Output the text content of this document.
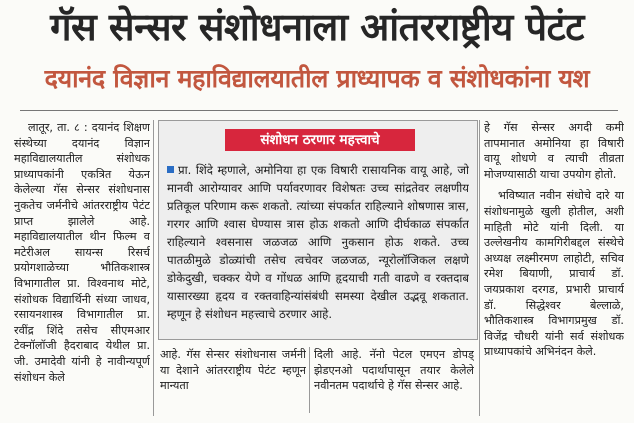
गॅस सेन्सर संशोधनाला आंतरराष्ट्रीय पेटंट
दयानंद विज्ञान महाविद्यालयातील प्राध्यापक व संशोधकांना यश

लातूर, ता. ८ : दयानंद शिक्षण संस्थेच्या दयानंद विज्ञान महाविद्यालयातील संशोधक प्राध्यापकांनी एकत्रित येऊन केलेल्या गॅस सेन्सर संशोधनास नुकतेच जर्मनीचे आंतरराष्ट्रीय पेटंट प्राप्त झालेले आहे. महाविद्यालयातील थीन फिल्म व मटेरीअल सायन्स रिसर्च प्रयोगशाळेच्या भौतिकशास्त्र विभागातील प्रा. विश्वनाथ मोटे, संशोधक विद्यार्थिनी संध्या जाधव, रसायनशास्त्र विभागातील प्रा. रवींद्र शिंदे तसेच सीएमआर टेक्नॉलॉजी हैदराबाद येथील प्रा. जी. उमादेवी यांनी हे नावीन्यपूर्ण संशोधन केले

संशोधन ठरणार महत्त्वाचे
प्रा. शिंदे म्हणाले, अमोनिया हा एक विषारी रासायनिक वायू आहे, जो मानवी आरोग्यावर आणि पर्यावरणावर विशेषतः उच्च सांद्रतेवर लक्षणीय प्रतिकूल परिणाम करू शकतो. त्यांच्या संपर्कात राहिल्याने शोषणास त्रास, गरगर आणि श्वास घेण्यास त्रास होऊ शकतो आणि दीर्घकाळ संपर्कात राहिल्याने श्वसनास जळजळ आणि नुकसान होऊ शकते. उच्च पातळीमुळे डोळ्यांची तसेच त्वचेवर जळजळ, न्यूरोलॉजिकल लक्षणे डोकेदुखी, चक्कर येणे व गोंधळ आणि हृदयाची गती वाढणे व रक्तदाब यासारख्या हृदय व रक्तवाहिन्यांसंबंधी समस्या देखील उद्भवू शकतात. म्हणून हे संशोधन महत्त्वाचे ठरणार आहे.

आहे. गॅस सेन्सर संशोधनास जर्मनी या देशाने आंतरराष्ट्रीय पेटंट म्हणून मान्यता

दिली आहे. नॅनो पेटल एमएन डोपड् झेडएनओ पदार्थापासून तयार केलेले नवीनतम पदार्थाचे हे गॅस सेन्सर आहे.

हे गॅस सेन्सर अगदी कमी तापमानात अमोनिया हा विषारी वायू शोधणे व त्याची तीव्रता मोजण्यासाठी याचा उपयोग होतो.

भविष्यात नवीन संधोचे दारे या संशोधनामुळे खुली होतील, अशी माहिती मोटे यांनी दिली. या उल्लेखनीय कामगिरीबद्दल संस्थेचे अध्यक्ष लक्ष्मीरमण लाहोटी, सचिव रमेश बियाणी, प्राचार्य डॉ. जयप्रकाश दरगड, प्रभारी प्राचार्य डॉ. सिद्धेश्वर बेल्लाळे, भौतिकशास्त्र विभागप्रमुख डॉ. विजेंद्र चौधरी यांनी सर्व संशोधक प्राध्यापकांचे अभिनंदन केले.
